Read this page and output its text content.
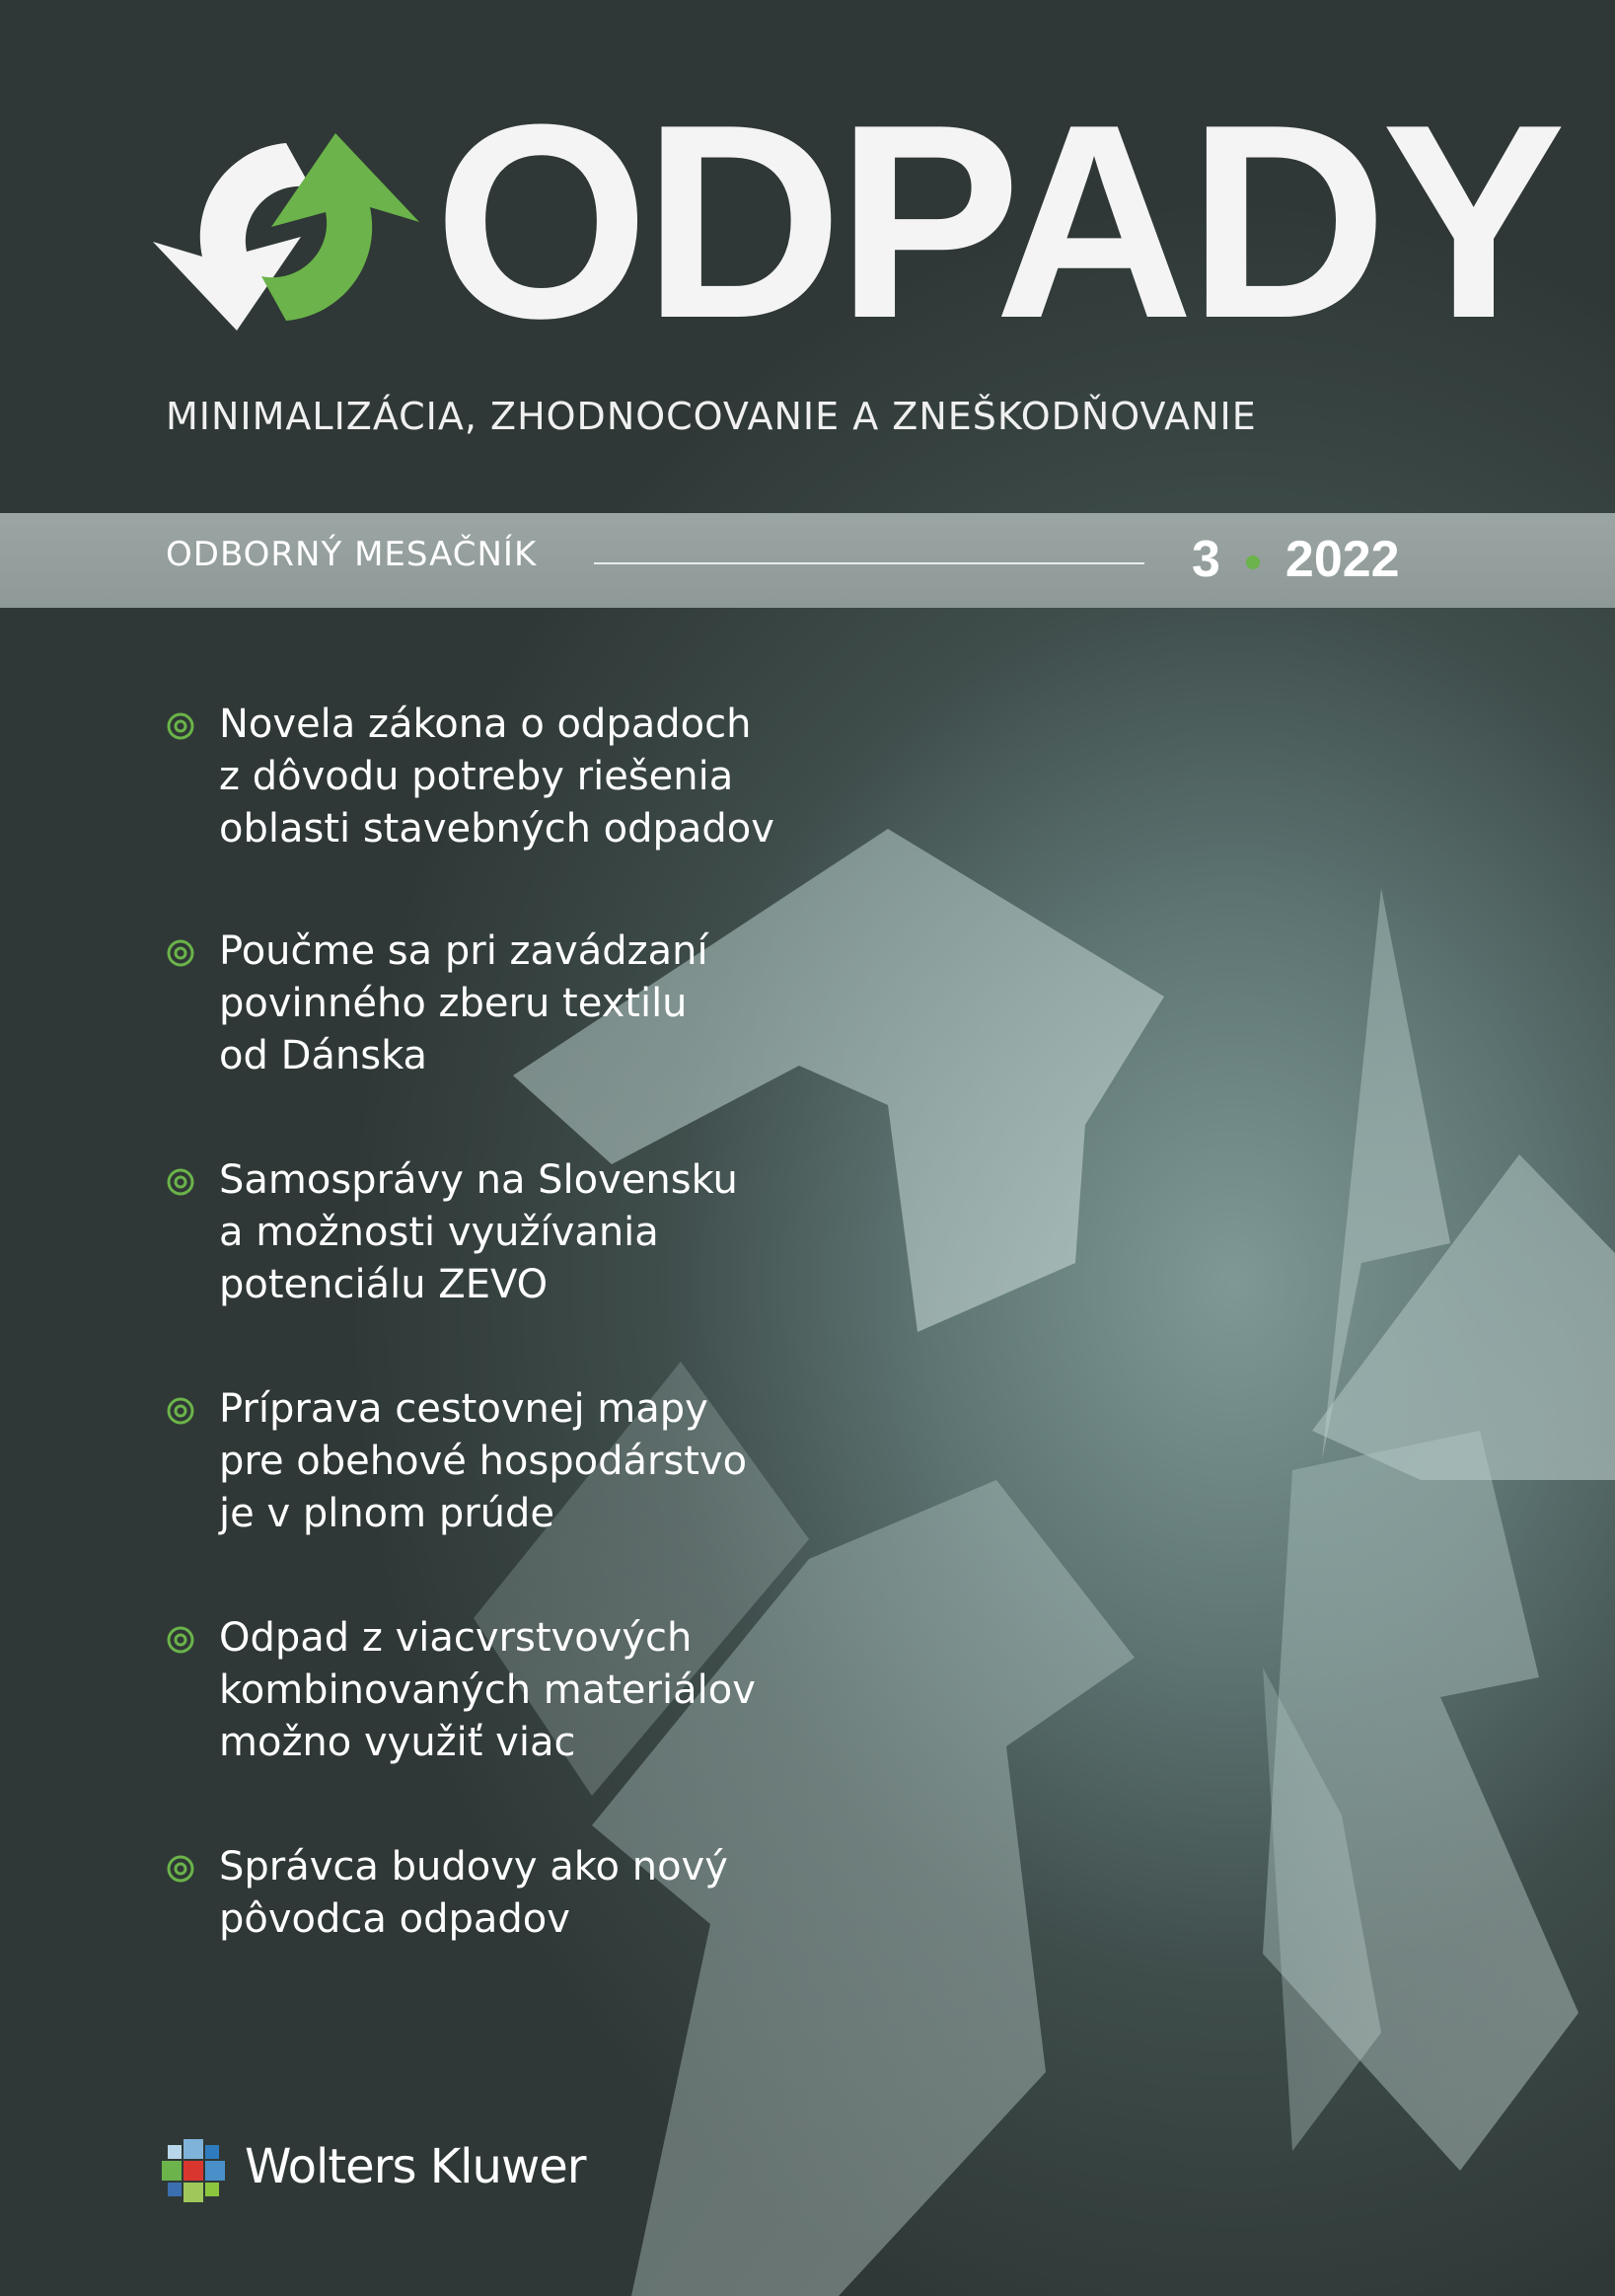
ODPADY
MINIMALIZÁCIA, ZHODNOCOVANIE A ZNEŠKODŇOVANIE
ODBORNÝ MESAČNÍK	3 2022
Novela zákona o odpadoch
z dôvodu potreby riešenia
oblasti stavebných odpadov
Poučme sa pri zavádzaní
povinného zberu textilu
od Dánska
Samosprávy na Slovensku
a možnosti využívania
potenciálu ZEVO
Príprava cestovnej mapy
pre obehové hospodárstvo
je v plnom prúde
Odpad z viacvrstvových
kombinovaných materiálov
možno využiť viac
Správca budovy ako nový
pôvodca odpadov
Wolters Kluwer
